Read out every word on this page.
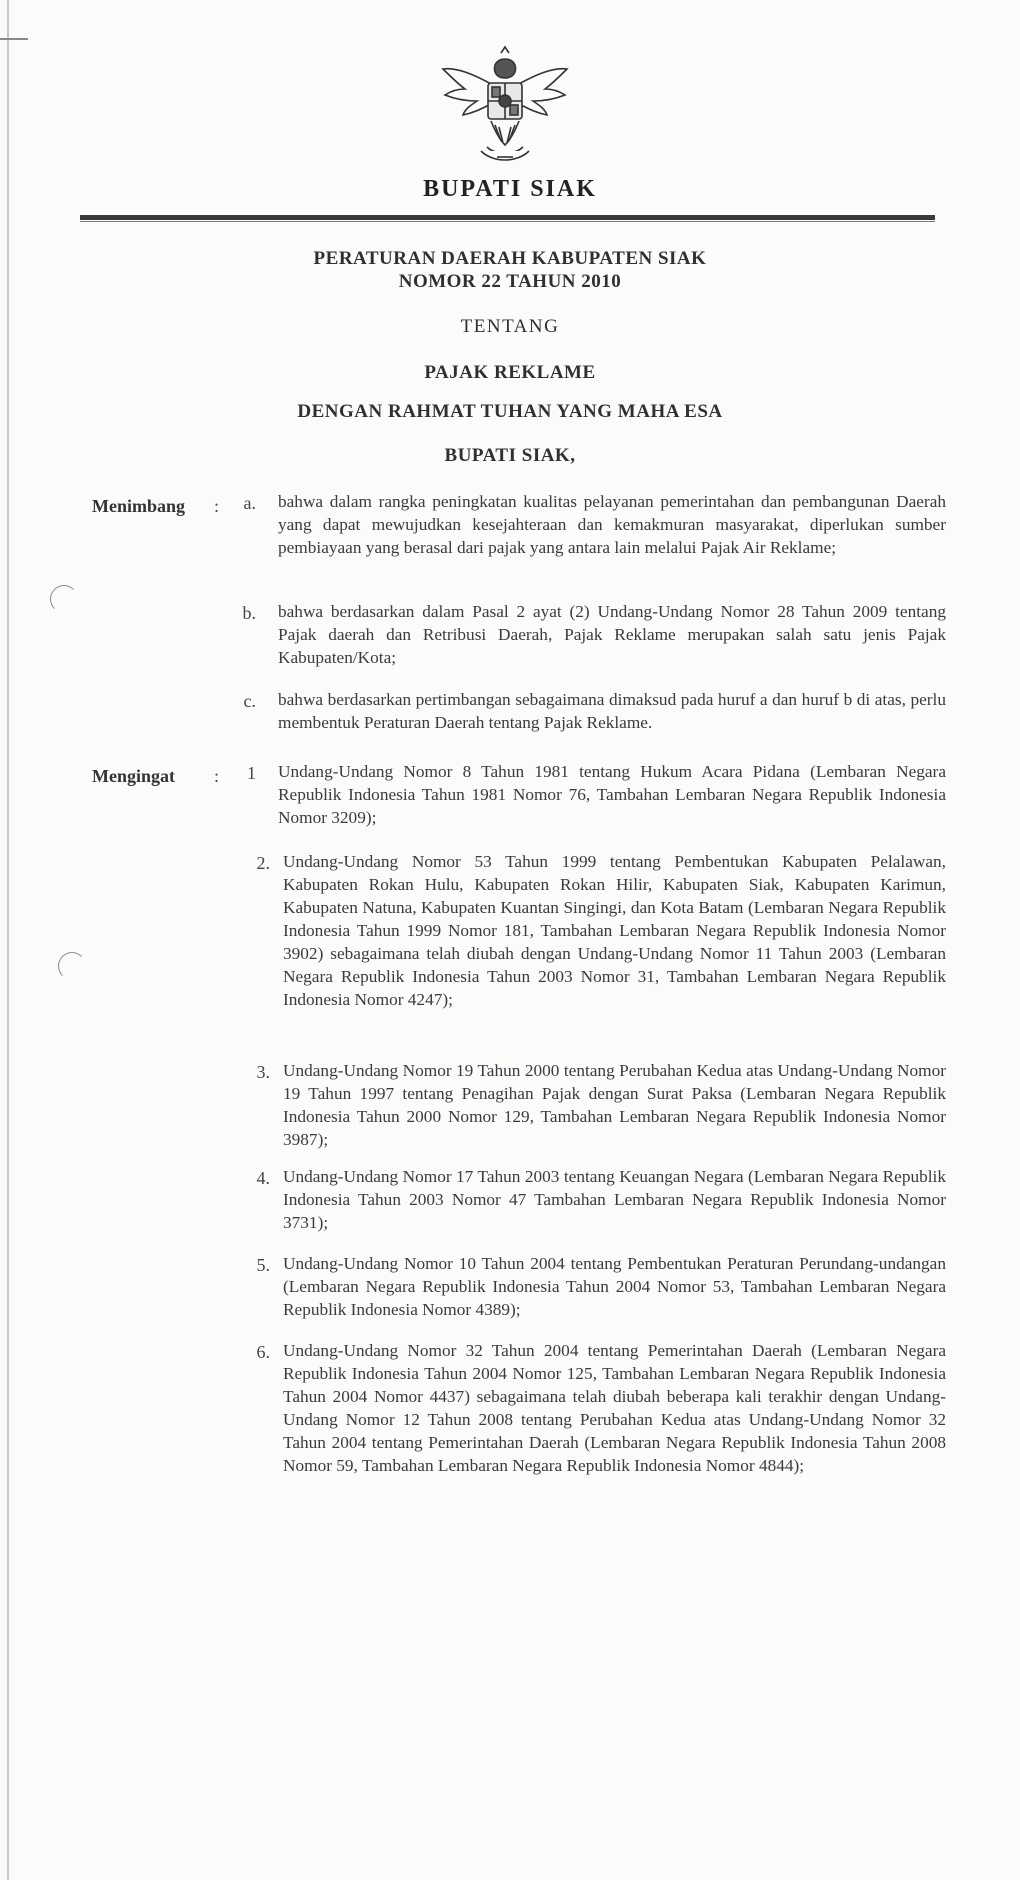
BUPATI SIAK
PERATURAN DAERAH KABUPATEN SIAK
NOMOR 22 TAHUN 2010
TENTANG
PAJAK REKLAME
DENGAN RAHMAT TUHAN YANG MAHA ESA
BUPATI SIAK,
Menimbang :	a. bahwa dalam rangka peningkatan kualitas pelayanan pemerintahan dan pembangunan Daerah yang dapat mewujudkan kesejahteraan dan kemakmuran masyarakat, diperlukan sumber pembiayaan yang berasal dari pajak yang antara lain melalui Pajak Air Reklame;
b. bahwa berdasarkan dalam Pasal 2 ayat (2) Undang-Undang Nomor 28 Tahun 2009 tentang Pajak daerah dan Retribusi Daerah, Pajak Reklame merupakan salah satu jenis Pajak Kabupaten/Kota;
c. bahwa berdasarkan pertimbangan sebagaimana dimaksud pada huruf a dan huruf b di atas, perlu membentuk Peraturan Daerah tentang Pajak Reklame.
Mengingat :	1 Undang-Undang Nomor 8 Tahun 1981 tentang Hukum Acara Pidana (Lembaran Negara Republik Indonesia Tahun 1981 Nomor 76, Tambahan Lembaran Negara Republik Indonesia Nomor 3209);
2. Undang-Undang Nomor 53 Tahun 1999 tentang Pembentukan Kabupaten Pelalawan, Kabupaten Rokan Hulu, Kabupaten Rokan Hilir, Kabupaten Siak, Kabupaten Karimun, Kabupaten Natuna, Kabupaten Kuantan Singingi, dan Kota Batam (Lembaran Negara Republik Indonesia Tahun 1999 Nomor 181, Tambahan Lembaran Negara Republik Indonesia Nomor 3902) sebagaimana telah diubah dengan Undang-Undang Nomor 11 Tahun 2003 (Lembaran Negara Republik Indonesia Tahun 2003 Nomor 31, Tambahan Lembaran Negara Republik Indonesia Nomor 4247);
3. Undang-Undang Nomor 19 Tahun 2000 tentang Perubahan Kedua atas Undang-Undang Nomor 19 Tahun 1997 tentang Penagihan Pajak dengan Surat Paksa (Lembaran Negara Republik Indonesia Tahun 2000 Nomor 129, Tambahan Lembaran Negara Republik Indonesia Nomor 3987);
4. Undang-Undang Nomor 17 Tahun 2003 tentang Keuangan Negara (Lembaran Negara Republik Indonesia Tahun 2003 Nomor 47 Tambahan Lembaran Negara Republik Indonesia Nomor 3731);
5. Undang-Undang Nomor 10 Tahun 2004 tentang Pembentukan Peraturan Perundang-undangan (Lembaran Negara Republik Indonesia Tahun 2004 Nomor 53, Tambahan Lembaran Negara Republik Indonesia Nomor 4389);
6. Undang-Undang Nomor 32 Tahun 2004 tentang Pemerintahan Daerah (Lembaran Negara Republik Indonesia Tahun 2004 Nomor 125, Tambahan Lembaran Negara Republik Indonesia Tahun 2004 Nomor 4437) sebagaimana telah diubah beberapa kali terakhir dengan Undang-Undang Nomor 12 Tahun 2008 tentang Perubahan Kedua atas Undang-Undang Nomor 32 Tahun 2004 tentang Pemerintahan Daerah (Lembaran Negara Republik Indonesia Tahun 2008 Nomor 59, Tambahan Lembaran Negara Republik Indonesia Nomor 4844);
